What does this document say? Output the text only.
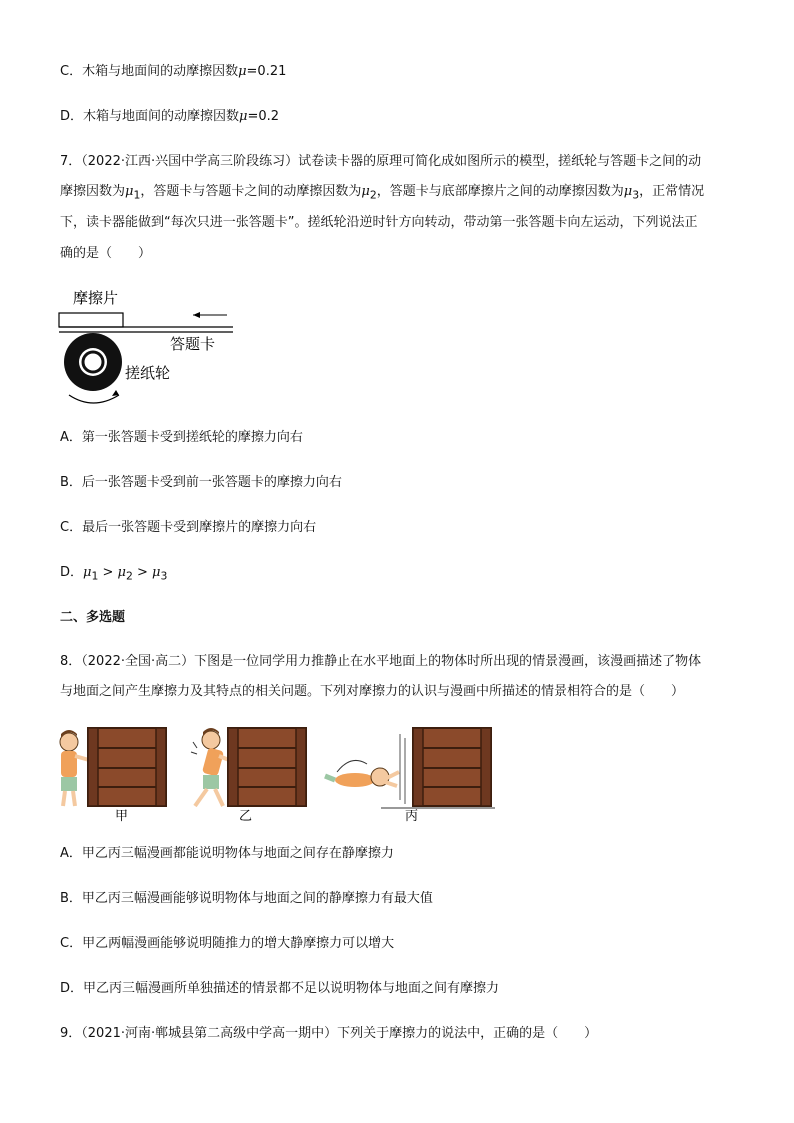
C．木箱与地面间的动摩擦因数μ=0.21
D．木箱与地面间的动摩擦因数μ=0.2
7．（2022·江西·兴国中学高三阶段练习）试卷读卡器的原理可简化成如图所示的模型，搓纸轮与答题卡之间的动
摩擦因数为$\mu_1$，答题卡与答题卡之间的动摩擦因数为$\mu_2$，答题卡与底部摩擦片之间的动摩擦因数为$\mu_3$，正常情况
下，读卡器能做到“每次只进一张答题卡”。搓纸轮沿逆时针方向转动，带动第一张答题卡向左运动，下列说法正
确的是（　　）
摩擦片
答题卡
搓纸轮
A．第一张答题卡受到搓纸轮的摩擦力向右
B．后一张答题卡受到前一张答题卡的摩擦力向右
C．最后一张答题卡受到摩擦片的摩擦力向右
D．$\mu_1 > \mu_2 > \mu_3$
二、多选题
8．（2022·全国·高二）下图是一位同学用力推静止在水平地面上的物体时所出现的情景漫画，该漫画描述了物体
与地面之间产生摩擦力及其特点的相关问题。下列对摩擦力的认识与漫画中所描述的情景相符合的是（　　）
甲	乙	丙
A．甲乙丙三幅漫画都能说明物体与地面之间存在静摩擦力
B．甲乙丙三幅漫画能够说明物体与地面之间的静摩擦力有最大值
C．甲乙两幅漫画能够说明随推力的增大静摩擦力可以增大
D．甲乙丙三幅漫画所单独描述的情景都不足以说明物体与地面之间有摩擦力
9．（2021·河南·郸城县第二高级中学高一期中）下列关于摩擦力的说法中，正确的是（　　）
